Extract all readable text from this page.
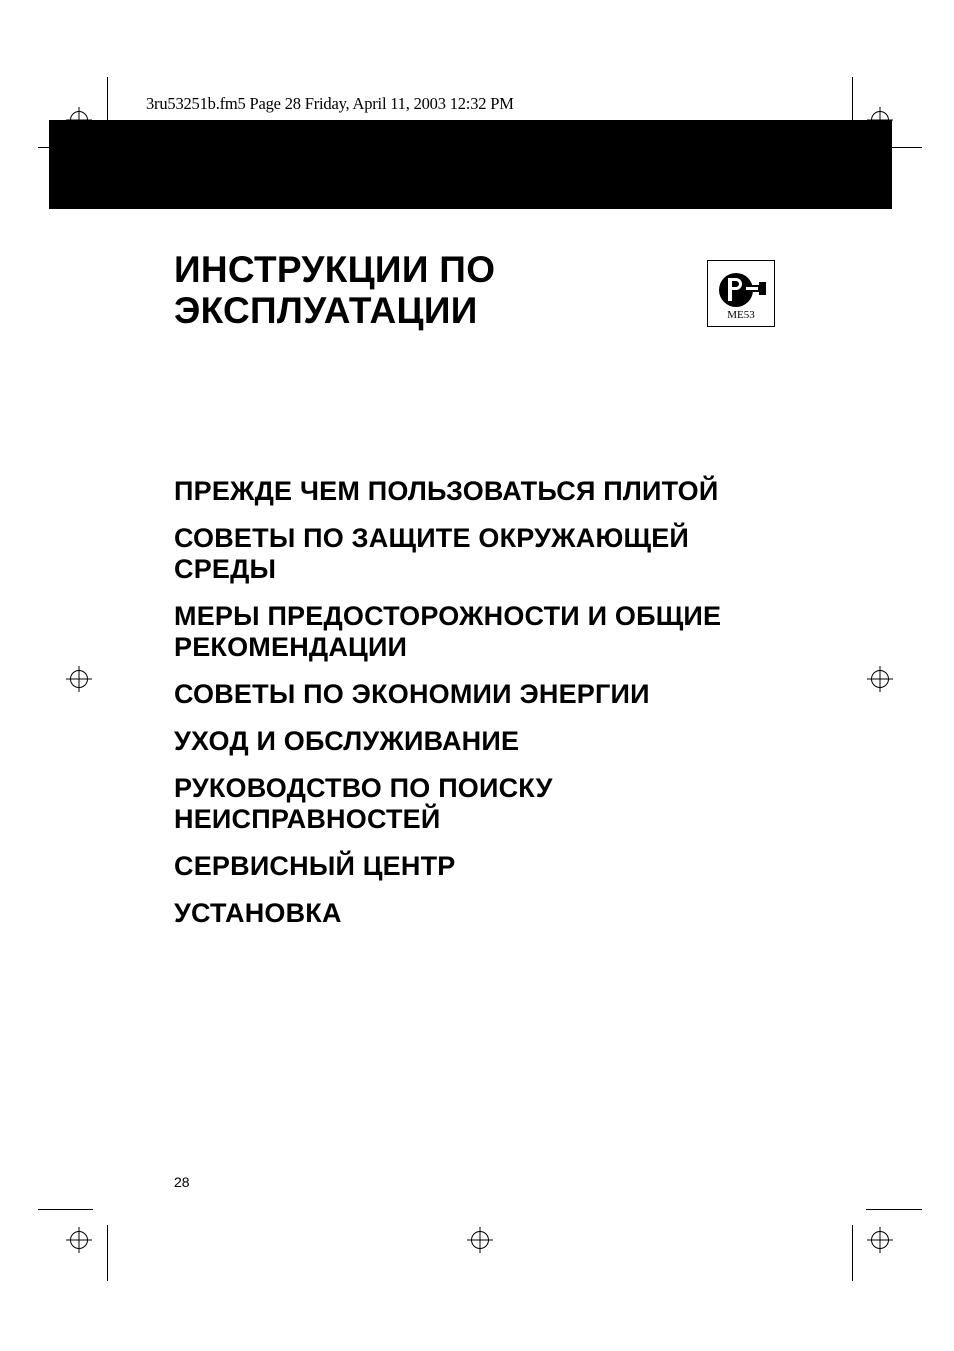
3ru53251b.fm5 Page 28 Friday, April 11, 2003 12:32 PM
ИНСТРУКЦИИ ПО
ЭКСПЛУАТАЦИИ	МЕ53
ПРЕЖДЕ ЧЕМ ПОЛЬЗОВАТЬСЯ ПЛИТОЙ
СОВЕТЫ ПО ЗАЩИТЕ ОКРУЖАЮЩЕЙ
СРЕДЫ
МЕРЫ ПРЕДОСТОРОЖНОСТИ И ОБЩИЕ
РЕКОМЕНДАЦИИ
СОВЕТЫ ПО ЭКОНОМИИ ЭНЕРГИИ
УХОД И ОБСЛУЖИВАНИЕ
РУКОВОДСТВО ПО ПОИСКУ
НЕИСПРАВНОСТЕЙ
СЕРВИСНЫЙ ЦЕНТР
УСТАНОВКА
28
